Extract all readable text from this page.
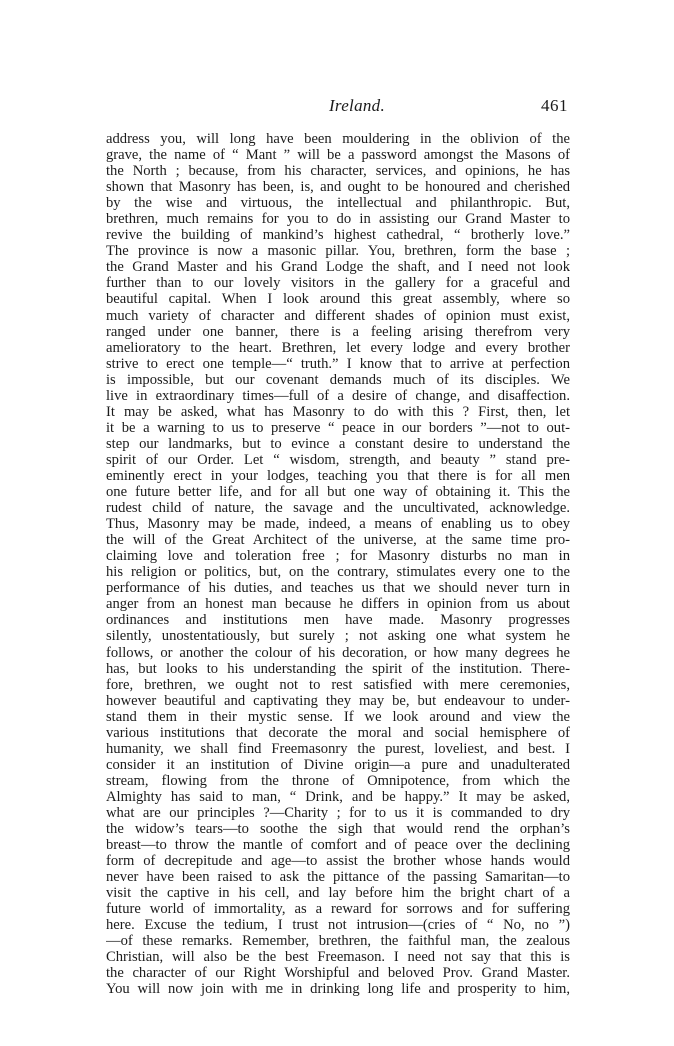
Ireland.	461
address you, will long have been mouldering in the oblivion of the
grave, the name of “ Mant ” will be a password amongst the Masons of
the North ; because, from his character, services, and opinions, he has
shown that Masonry has been, is, and ought to be honoured and cherished
by the wise and virtuous, the intellectual and philanthropic. But,
brethren, much remains for you to do in assisting our Grand Master to
revive the building of mankind’s highest cathedral, “ brotherly love.”
The province is now a masonic pillar. You, brethren, form the base ;
the Grand Master and his Grand Lodge the shaft, and I need not look
further than to our lovely visitors in the gallery for a graceful and
beautiful capital. When I look around this great assembly, where so
much variety of character and different shades of opinion must exist,
ranged under one banner, there is a feeling arising therefrom very
amelioratory to the heart. Brethren, let every lodge and every brother
strive to erect one temple—“ truth.” I know that to arrive at perfection
is impossible, but our covenant demands much of its disciples. We
live in extraordinary times—full of a desire of change, and disaffection.
It may be asked, what has Masonry to do with this ? First, then, let
it be a warning to us to preserve “ peace in our borders ”—not to out-
step our landmarks, but to evince a constant desire to understand the
spirit of our Order. Let “ wisdom, strength, and beauty ” stand pre-
eminently erect in your lodges, teaching you that there is for all men
one future better life, and for all but one way of obtaining it. This the
rudest child of nature, the savage and the uncultivated, acknowledge.
Thus, Masonry may be made, indeed, a means of enabling us to obey
the will of the Great Architect of the universe, at the same time pro-
claiming love and toleration free ; for Masonry disturbs no man in
his religion or politics, but, on the contrary, stimulates every one to the
performance of his duties, and teaches us that we should never turn in
anger from an honest man because he differs in opinion from us about
ordinances and institutions men have made. Masonry progresses
silently, unostentatiously, but surely ; not asking one what system he
follows, or another the colour of his decoration, or how many degrees he
has, but looks to his understanding the spirit of the institution. There-
fore, brethren, we ought not to rest satisfied with mere ceremonies,
however beautiful and captivating they may be, but endeavour to under-
stand them in their mystic sense. If we look around and view the
various institutions that decorate the moral and social hemisphere of
humanity, we shall find Freemasonry the purest, loveliest, and best. I
consider it an institution of Divine origin—a pure and unadulterated
stream, flowing from the throne of Omnipotence, from which the
Almighty has said to man, “ Drink, and be happy.” It may be asked,
what are our principles ?—Charity ; for to us it is commanded to dry
the widow’s tears—to soothe the sigh that would rend the orphan’s
breast—to throw the mantle of comfort and of peace over the declining
form of decrepitude and age—to assist the brother whose hands would
never have been raised to ask the pittance of the passing Samaritan—to
visit the captive in his cell, and lay before him the bright chart of a
future world of immortality, as a reward for sorrows and for suffering
here. Excuse the tedium, I trust not intrusion—(cries of “ No, no ”)
—of these remarks. Remember, brethren, the faithful man, the zealous
Christian, will also be the best Freemason. I need not say that this is
the character of our Right Worshipful and beloved Prov. Grand Master.
You will now join with me in drinking long life and prosperity to him,
